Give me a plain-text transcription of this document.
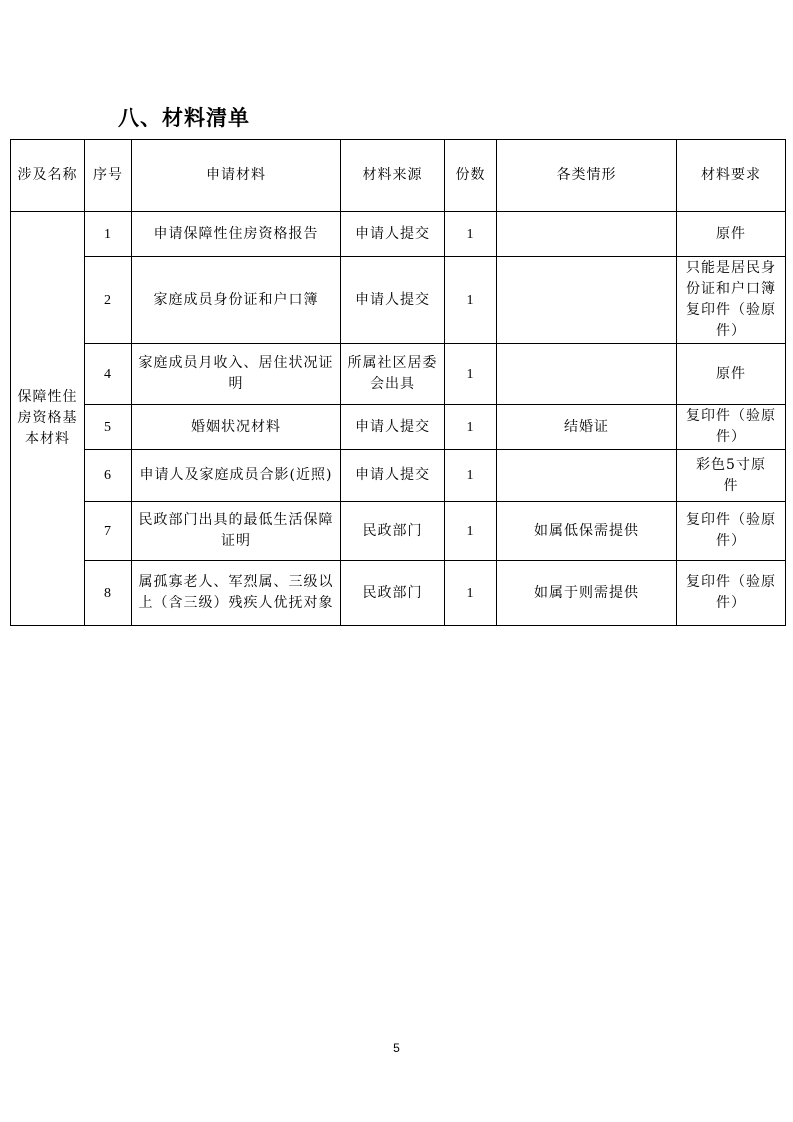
八、材料清单
涉及名称	序号	申请材料	材料来源	份数	各类情形	材料要求
保障性住房资格基本材料	1	申请保障性住房资格报告	申请人提交	1		原件
	2	家庭成员身份证和户口簿	申请人提交	1		只能是居民身份证和户口簿复印件（验原件）
	4	家庭成员月收入、居住状况证明	所属社区居委会出具	1		原件
	5	婚姻状况材料	申请人提交	1	结婚证	复印件（验原件）
	6	申请人及家庭成员合影(近照)	申请人提交	1		彩色5寸原件
	7	民政部门出具的最低生活保障证明	民政部门	1	如属低保需提供	复印件（验原件）
	8	属孤寡老人、军烈属、三级以上（含三级）残疾人优抚对象	民政部门	1	如属于则需提供	复印件（验原件）
5
